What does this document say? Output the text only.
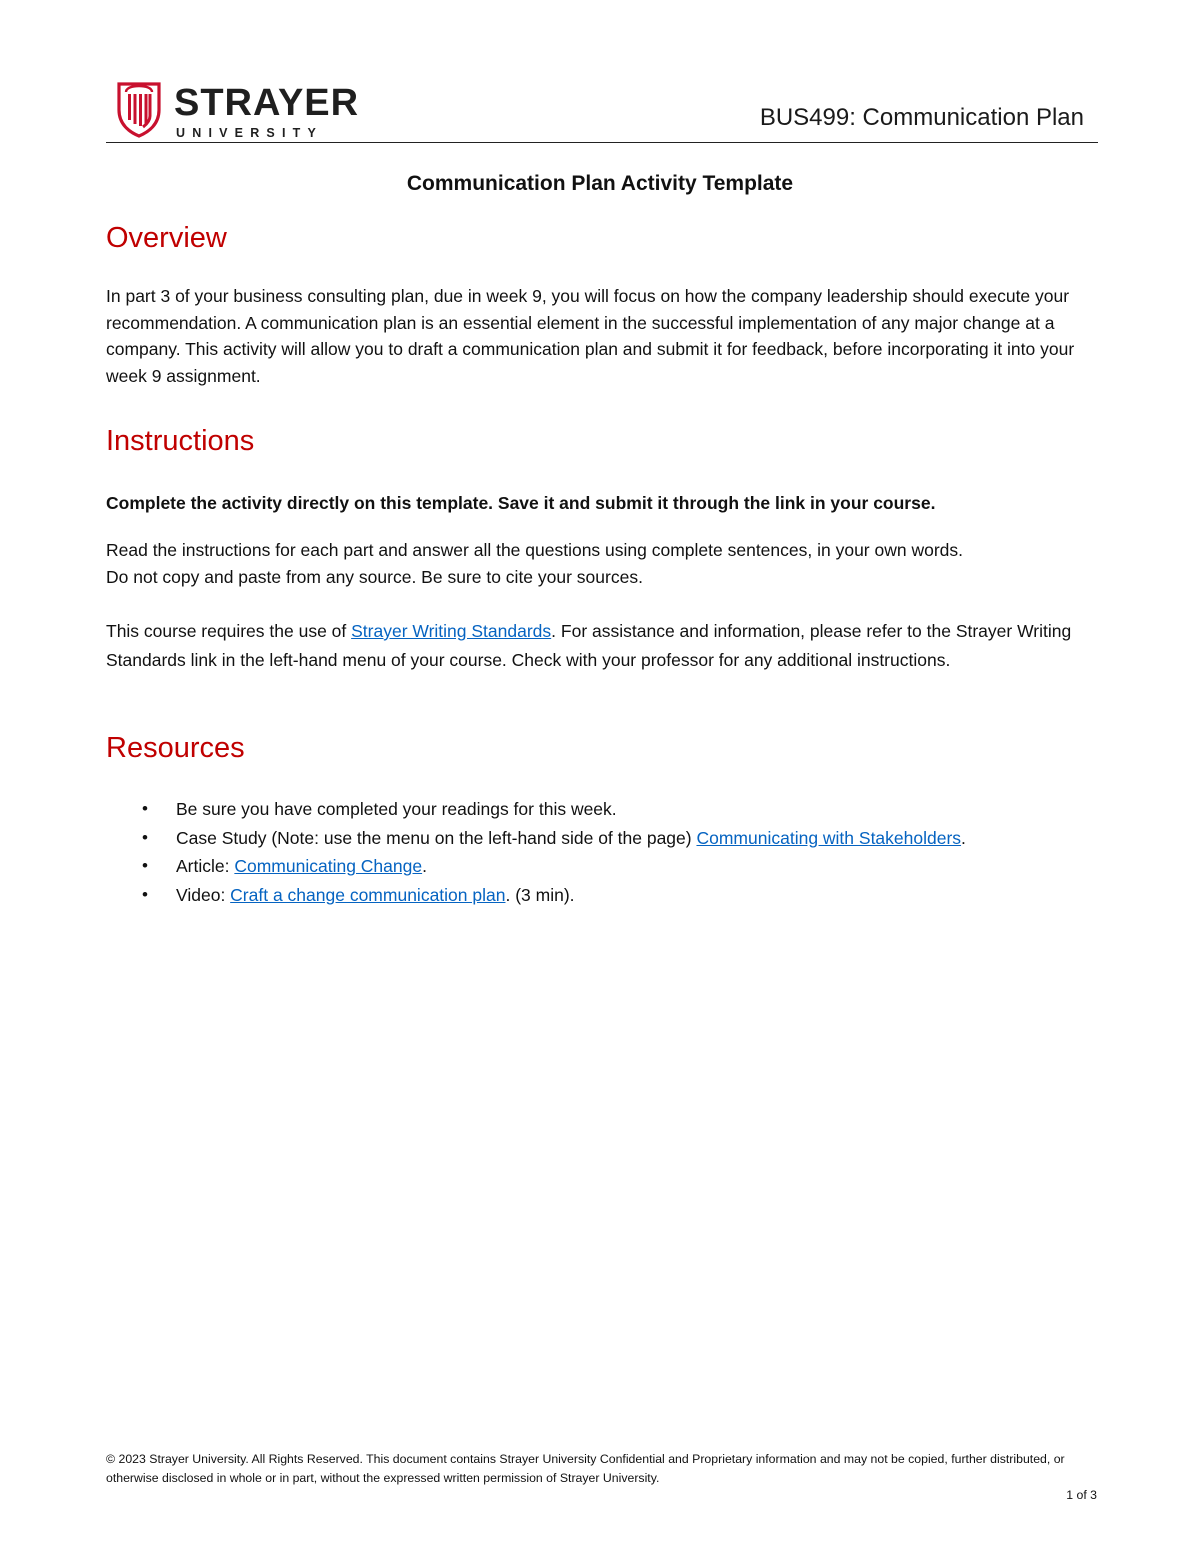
STRAYER
UNIVERSITY
BUS499: Communication Plan
Communication Plan Activity Template
Overview
In part 3 of your business consulting plan, due in week 9, you will focus on how the company leadership should execute your recommendation. A communication plan is an essential element in the successful implementation of any major change at a company. This activity will allow you to draft a communication plan and submit it for feedback, before incorporating it into your week 9 assignment.
Instructions
Complete the activity directly on this template. Save it and submit it through the link in your course.
Read the instructions for each part and answer all the questions using complete sentences, in your own words.
Do not copy and paste from any source. Be sure to cite your sources.
This course requires the use of Strayer Writing Standards. For assistance and information, please refer to the Strayer Writing Standards link in the left-hand menu of your course. Check with your professor for any additional instructions.
Resources
• Be sure you have completed your readings for this week.
• Case Study (Note: use the menu on the left-hand side of the page) Communicating with Stakeholders.
• Article: Communicating Change.
• Video: Craft a change communication plan. (3 min).
© 2023 Strayer University. All Rights Reserved. This document contains Strayer University Confidential and Proprietary information and may not be copied, further distributed, or otherwise disclosed in whole or in part, without the expressed written permission of Strayer University.
1 of 3
